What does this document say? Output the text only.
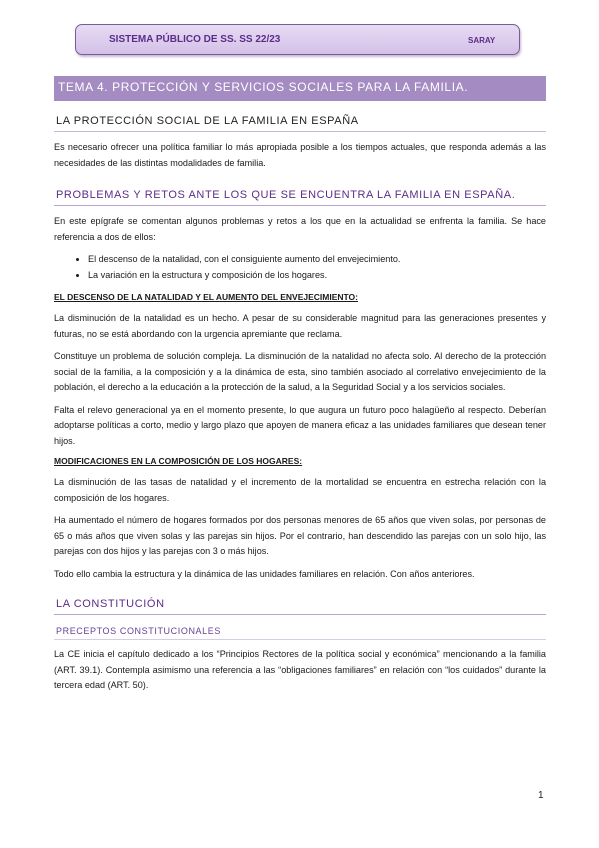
SISTEMA PÚBLICO DE SS. SS 22/23	SARAY
TEMA 4. PROTECCIÓN Y SERVICIOS SOCIALES PARA LA FAMILIA.
LA PROTECCIÓN SOCIAL DE LA FAMILIA EN ESPAÑA

Es necesario ofrecer una política familiar lo más apropiada posible a los tiempos actuales, que responda además a las necesidades de las distintas modalidades de familia.

PROBLEMAS Y RETOS ANTE LOS QUE SE ENCUENTRA LA FAMILIA EN ESPAÑA.

En este epígrafe se comentan algunos problemas y retos a los que en la actualidad se enfrenta la familia. Se hace referencia a dos de ellos:

• El descenso de la natalidad, con el consiguiente aumento del envejecimiento.
• La variación en la estructura y composición de los hogares.
EL DESCENSO DE LA NATALIDAD Y EL AUMENTO DEL ENVEJECIMIENTO:

La disminución de la natalidad es un hecho. A pesar de su considerable magnitud para las generaciones presentes y futuras, no se está abordando con la urgencia apremiante que reclama.

Constituye un problema de solución compleja. La disminución de la natalidad no afecta solo. Al derecho de la protección social de la familia, a la composición y a la dinámica de esta, sino también asociado al correlativo envejecimiento de la población, el derecho a la educación a la protección de la salud, a la Seguridad Social y a los servicios sociales.

Falta el relevo generacional ya en el momento presente, lo que augura un futuro poco halagüeño al respecto. Deberían adoptarse políticas a corto, medio y largo plazo que apoyen de manera eficaz a las unidades familiares que desean tener hijos.

MODIFICACIONES EN LA COMPOSICIÓN DE LOS HOGARES:

La disminución de las tasas de natalidad y el incremento de la mortalidad se encuentra en estrecha relación con la composición de los hogares.

Ha aumentado el número de hogares formados por dos personas menores de 65 años que viven solas, por personas de 65 o más años que viven solas y las parejas sin hijos. Por el contrario, han descendido las parejas con un solo hijo, las parejas con dos hijos y las parejas con 3 o más hijos.

Todo ello cambia la estructura y la dinámica de las unidades familiares en relación. Con años anteriores.

LA CONSTITUCIÓN
PRECEPTOS CONSTITUCIONALES

La CE inicia el capítulo dedicado a los “Principios Rectores de la política social y económica” mencionando a la familia (ART. 39.1). Contempla asimismo una referencia a las “obligaciones familiares” en relación con “los cuidados” durante la tercera edad (ART. 50).

1
